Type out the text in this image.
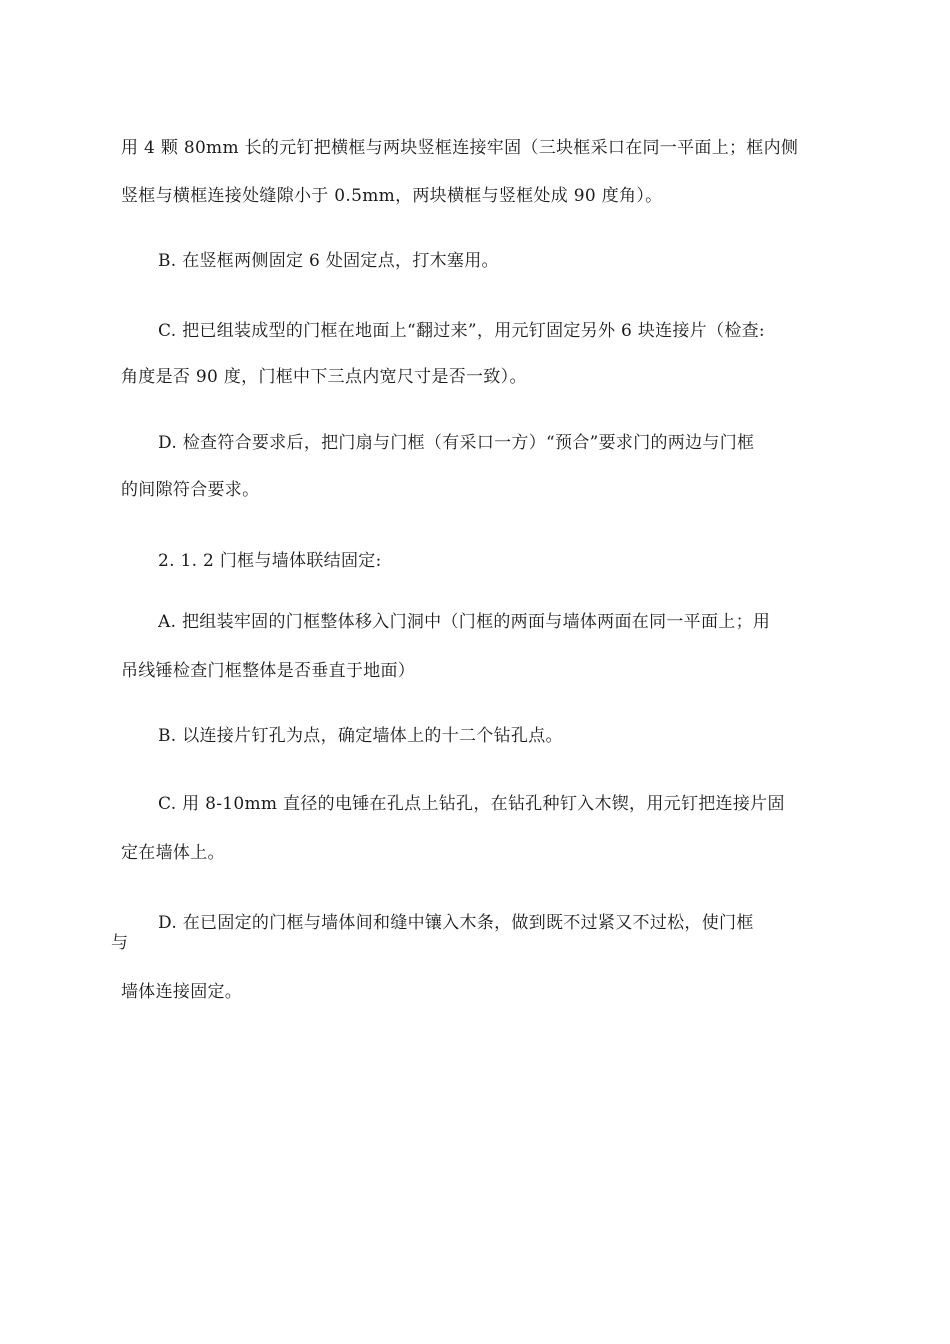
用 4 颗 80mm 长的元钉把横框与两块竖框连接牢固（三块框采口在同一平面上；框内侧
竖框与横框连接处缝隙小于 0.5mm，两块横框与竖框处成 90 度角）。
B. 在竖框两侧固定 6 处固定点，打木塞用。
C. 把已组装成型的门框在地面上“翻过来”，用元钉固定另外 6 块连接片（检查:
角度是否 90 度，门框中下三点内宽尺寸是否一致）。
D. 检查符合要求后，把门扇与门框（有采口一方）“预合”要求门的两边与门框
的间隙符合要求。
2. 1. 2 门框与墙体联结固定:
A. 把组装牢固的门框整体移入门洞中（门框的两面与墙体两面在同一平面上；用
吊线锤检查门框整体是否垂直于地面）
B. 以连接片钉孔为点，确定墙体上的十二个钻孔点。
C. 用 8-10mm 直径的电锤在孔点上钻孔，在钻孔种钉入木锲，用元钉把连接片固
定在墙体上。
D. 在已固定的门框与墙体间和缝中镶入木条，做到既不过紧又不过松，使门框
与
墙体连接固定。
